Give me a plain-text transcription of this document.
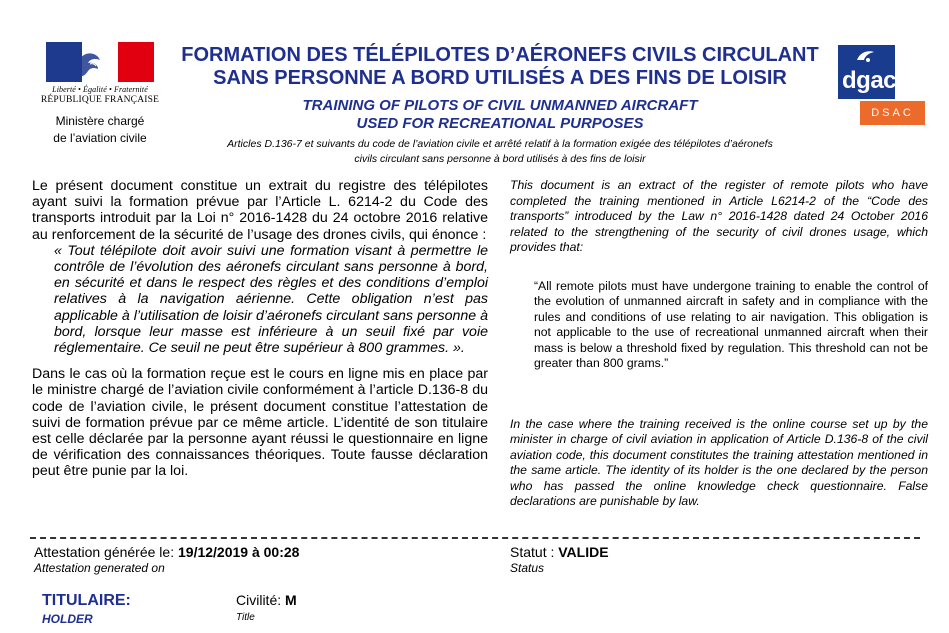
Liberté • Égalité • Fraternité
RÉPUBLIQUE FRANÇAISE
Ministère chargé
de l’aviation civile
FORMATION DES TÉLÉPILOTES D’AÉRONEFS CIVILS CIRCULANT
SANS PERSONNE A BORD UTILISÉS A DES FINS DE LOISIR
TRAINING OF PILOTS OF CIVIL UNMANNED AIRCRAFT
USED FOR RECREATIONAL PURPOSES
Articles D.136-7 et suivants du code de l’aviation civile et arrêté relatif à la formation exigée des télépilotes d’aéronefs
civils circulant sans personne à bord utilisés à des fins de loisir
dgac
DSAC

Le présent document constitue un extrait du registre des télépilotes ayant suivi la formation prévue par l’Article L. 6214-2 du Code des transports introduit par la Loi n° 2016-1428 du 24 octobre 2016 relative au renforcement de la sécurité de l’usage des drones civils, qui énonce :

« Tout télépilote doit avoir suivi une formation visant à permettre le contrôle de l’évolution des aéronefs circulant sans personne à bord, en sécurité et dans le respect des règles et des conditions d’emploi relatives à la navigation aérienne. Cette obligation n’est pas applicable à l’utilisation de loisir d’aéronefs circulant sans personne à bord, lorsque leur masse est inférieure à un seuil fixé par voie réglementaire. Ce seuil ne peut être supérieur à 800 grammes. ».

Dans le cas où la formation reçue est le cours en ligne mis en place par le ministre chargé de l’aviation civile conformément à l’article D.136-8 du code de l’aviation civile, le présent document constitue l’attestation de suivi de formation prévue par ce même article. L’identité de son titulaire est celle déclarée par la personne ayant réussi le questionnaire en ligne de vérification des connaissances théoriques. Toute fausse déclaration peut être punie par la loi.

This document is an extract of the register of remote pilots who have completed the training mentioned in Article L6214-2 of the “Code des transports” introduced by the Law n° 2016-1428 dated 24 October 2016 related to the strengthening of the security of civil drones usage, which provides that:

“All remote pilots must have undergone training to enable the control of the evolution of unmanned aircraft in safety and in compliance with the rules and conditions of use relating to air navigation. This obligation is not applicable to the use of recreational unmanned aircraft when their mass is below a threshold fixed by regulation. This threshold can not be greater than 800 grams.”

In the case where the training received is the online course set up by the minister in charge of civil aviation in application of Article D.136-8 of the civil aviation code, this document constitutes the training attestation mentioned in the same article. The identity of its holder is the one declared by the person who has passed the online knowledge check questionnaire. False declarations are punishable by law.

Attestation générée le: 19/12/2019 à 00:28
Attestation generated on
Statut : VALIDE
Status
TITULAIRE:
HOLDER
Civilité: M
Title
